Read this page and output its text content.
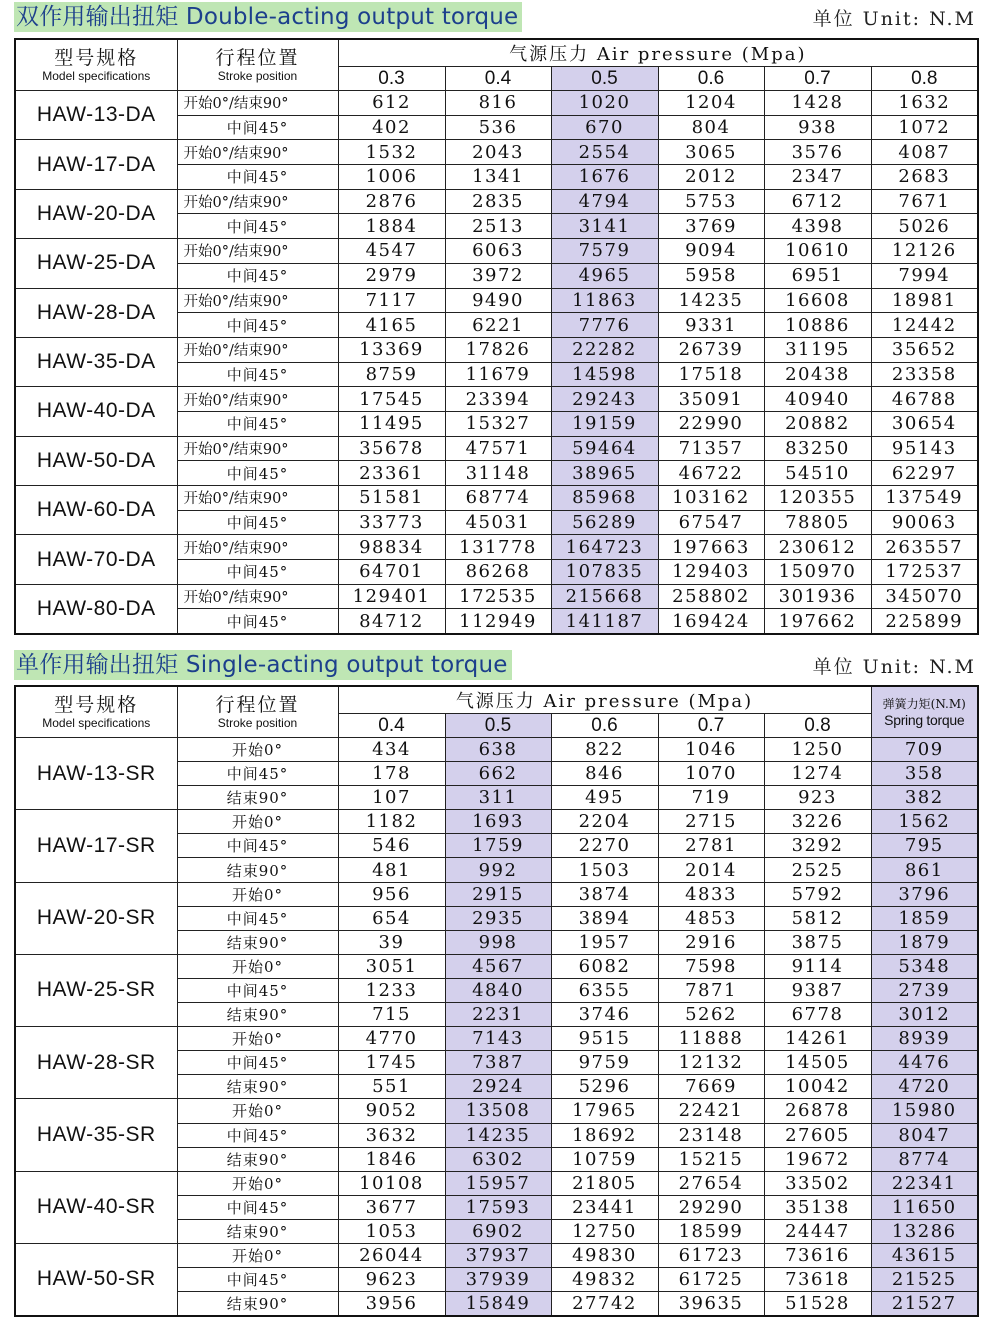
双作用输出扭矩 Double-acting output torque	单位 Unit: N.M
型号规格
Model specifications	行程位置
Stroke position	气源压力 Air pressure (Mpa)					
		0.3	0.4	0.5	0.6	0.7	0.8
HAW-13-DA	开始0°/结束90°	612	816	1020	1204	1428	1632
	中间45°	402	536	670	804	938	1072
HAW-17-DA	开始0°/结束90°	1532	2043	2554	3065	3576	4087
	中间45°	1006	1341	1676	2012	2347	2683
HAW-20-DA	开始0°/结束90°	2876	2835	4794	5753	6712	7671
	中间45°	1884	2513	3141	3769	4398	5026
HAW-25-DA	开始0°/结束90°	4547	6063	7579	9094	10610	12126
	中间45°	2979	3972	4965	5958	6951	7994
HAW-28-DA	开始0°/结束90°	7117	9490	11863	14235	16608	18981
	中间45°	4165	6221	7776	9331	10886	12442
HAW-35-DA	开始0°/结束90°	13369	17826	22282	26739	31195	35652
	中间45°	8759	11679	14598	17518	20438	23358
HAW-40-DA	开始0°/结束90°	17545	23394	29243	35091	40940	46788
	中间45°	11495	15327	19159	22990	20882	30654
HAW-50-DA	开始0°/结束90°	35678	47571	59464	71357	83250	95143
	中间45°	23361	31148	38965	46722	54510	62297
HAW-60-DA	开始0°/结束90°	51581	68774	85968	103162	120355	137549
	中间45°	33773	45031	56289	67547	78805	90063
HAW-70-DA	开始0°/结束90°	98834	131778	164723	197663	230612	263557
	中间45°	64701	86268	107835	129403	150970	172537
HAW-80-DA	开始0°/结束90°	129401	172535	215668	258802	301936	345070
	中间45°	84712	112949	141187	169424	197662	225899
单作用输出扭矩 Single-acting output torque	单位 Unit: N.M
型号规格
Model specifications	行程位置
Stroke position	气源压力 Air pressure (Mpa)					弹簧力矩(N.M)
Spring torque

		0.4	0.5	0.6	0.7	0.8	
HAW-13-SR	开始0°	434	638	822	1046	1250	709
	中间45°	178	662	846	1070	1274	358
	结束90°	107	311	495	719	923	382
HAW-17-SR	开始0°	1182	1693	2204	2715	3226	1562
	中间45°	546	1759	2270	2781	3292	795
	结束90°	481	992	1503	2014	2525	861
HAW-20-SR	开始0°	956	2915	3874	4833	5792	3796
	中间45°	654	2935	3894	4853	5812	1859
	结束90°	39	998	1957	2916	3875	1879
HAW-25-SR	开始0°	3051	4567	6082	7598	9114	5348
	中间45°	1233	4840	6355	7871	9387	2739
	结束90°	715	2231	3746	5262	6778	3012
HAW-28-SR	开始0°	4770	7143	9515	11888	14261	8939
	中间45°	1745	7387	9759	12132	14505	4476
	结束90°	551	2924	5296	7669	10042	4720
HAW-35-SR	开始0°	9052	13508	17965	22421	26878	15980
	中间45°	3632	14235	18692	23148	27605	8047
	结束90°	1846	6302	10759	15215	19672	8774
HAW-40-SR	开始0°	10108	15957	21805	27654	33502	22341
	中间45°	3677	17593	23441	29290	35138	11650
	结束90°	1053	6902	12750	18599	24447	13286
HAW-50-SR	开始0°	26044	37937	49830	61723	73616	43615
	中间45°	9623	37939	49832	61725	73618	21525
	结束90°	3956	15849	27742	39635	51528	21527
